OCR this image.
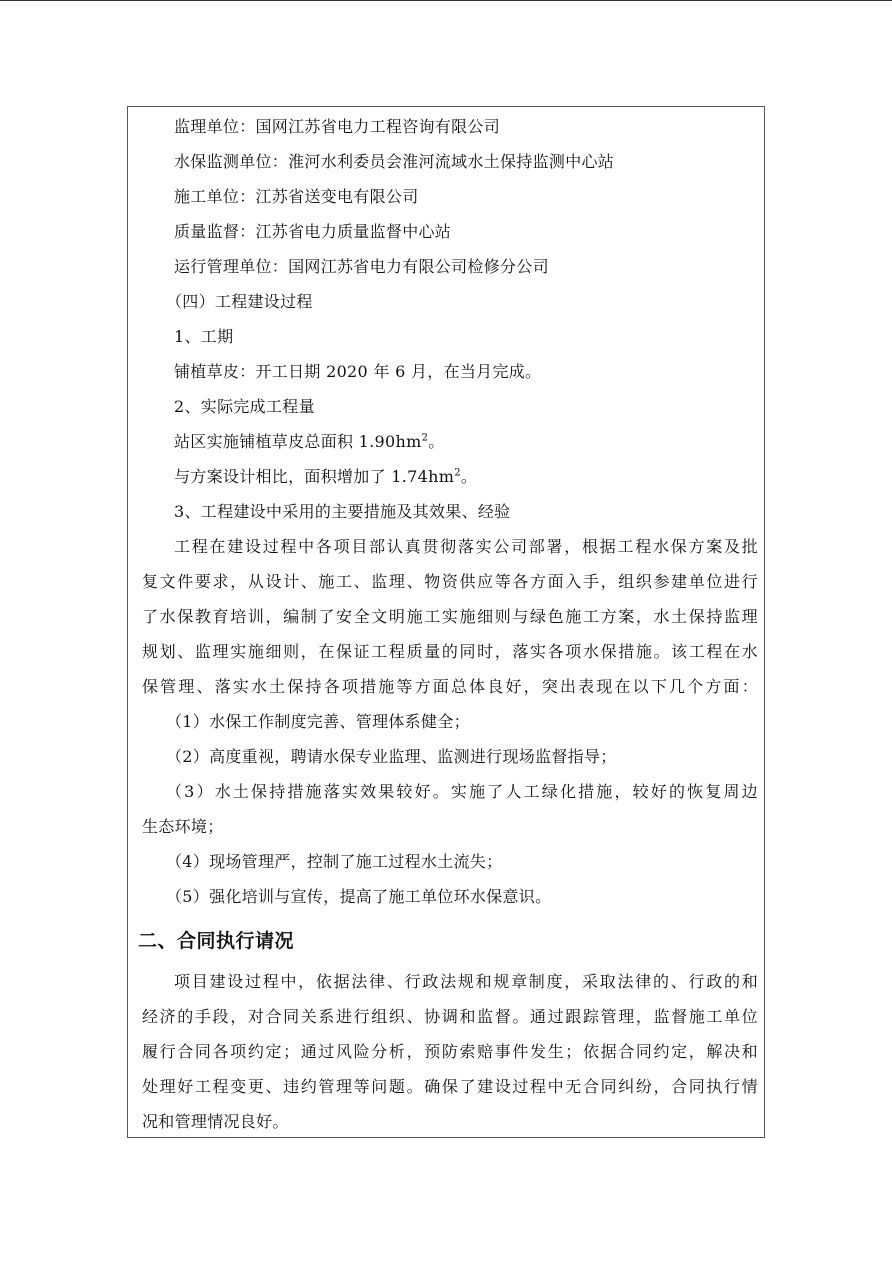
监理单位：国网江苏省电力工程咨询有限公司
水保监测单位：淮河水利委员会淮河流域水土保持监测中心站
施工单位：江苏省送变电有限公司
质量监督：江苏省电力质量监督中心站
运行管理单位：国网江苏省电力有限公司检修分公司
（四）工程建设过程
1、工期
铺植草皮：开工日期 2020 年 6 月，在当月完成。
2、实际完成工程量
站区实施铺植草皮总面积 $1.90hm^2$。
与方案设计相比，面积增加了 $1.74hm^2$。
3、工程建设中采用的主要措施及其效果、经验
工程在建设过程中各项目部认真贯彻落实公司部署，根据工程水保方案及批
复文件要求，从设计、施工、监理、物资供应等各方面入手，组织参建单位进行
了水保教育培训，编制了安全文明施工实施细则与绿色施工方案，水土保持监理
规划、监理实施细则，在保证工程质量的同时，落实各项水保措施。该工程在水
保管理、落实水土保持各项措施等方面总体良好，突出表现在以下几个方面：
（1）水保工作制度完善、管理体系健全；
（2）高度重视，聘请水保专业监理、监测进行现场监督指导；
（3）水土保持措施落实效果较好。实施了人工绿化措施，较好的恢复周边
生态环境；
（4）现场管理严，控制了施工过程水土流失；
（5）强化培训与宣传，提高了施工单位环水保意识。
二、合同执行请况
项目建设过程中，依据法律、行政法规和规章制度，采取法律的、行政的和
经济的手段，对合同关系进行组织、协调和监督。通过跟踪管理，监督施工单位
履行合同各项约定；通过风险分析，预防索赔事件发生；依据合同约定，解决和
处理好工程变更、违约管理等问题。确保了建设过程中无合同纠纷，合同执行情
况和管理情况良好。
